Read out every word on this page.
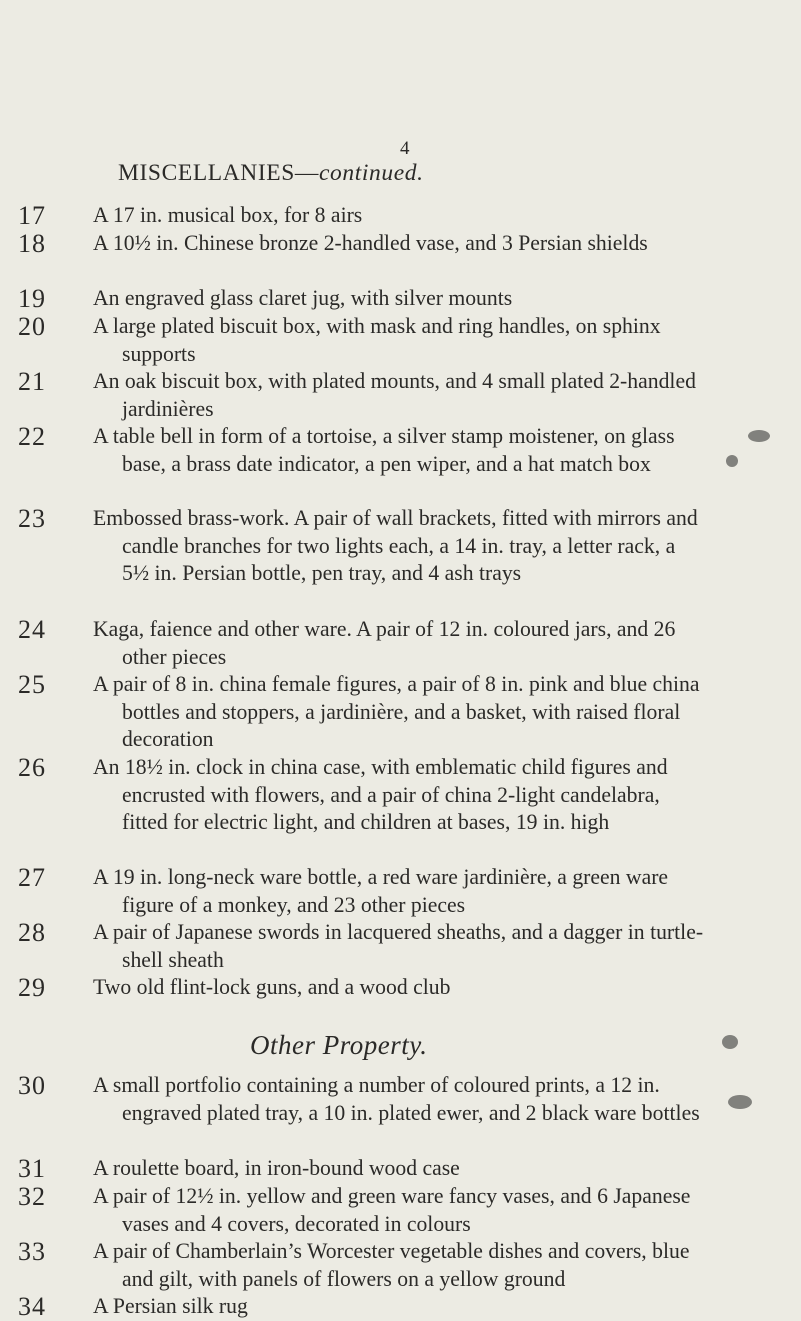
4
MISCELLANIES—continued.
17 A 17 in. musical box, for 8 airs
18 A 10½ in. Chinese bronze 2-handled vase, and 3 Persian shields
19 An engraved glass claret jug, with silver mounts
20 A large plated biscuit box, with mask and ring handles, on sphinx supports
21 An oak biscuit box, with plated mounts, and 4 small plated 2-handled jardinières
22 A table bell in form of a tortoise, a silver stamp moistener, on glass base, a brass date indicator, a pen wiper, and a hat match box
23 Embossed brass-work. A pair of wall brackets, fitted with mirrors and candle branches for two lights each, a 14 in. tray, a letter rack, a 5½ in. Persian bottle, pen tray, and 4 ash trays
24 Kaga, faience and other ware. A pair of 12 in. coloured jars, and 26 other pieces
25 A pair of 8 in. china female figures, a pair of 8 in. pink and blue china bottles and stoppers, a jardinière, and a basket, with raised floral decoration
26 An 18½ in. clock in china case, with emblematic child figures and encrusted with flowers, and a pair of china 2-light candelabra, fitted for electric light, and children at bases, 19 in. high
27 A 19 in. long-neck ware bottle, a red ware jardinière, a green ware figure of a monkey, and 23 other pieces
28 A pair of Japanese swords in lacquered sheaths, and a dagger in turtle-shell sheath
29 Two old flint-lock guns, and a wood club
Other Property.
30 A small portfolio containing a number of coloured prints, a 12 in. engraved plated tray, a 10 in. plated ewer, and 2 black ware bottles
31 A roulette board, in iron-bound wood case
32 A pair of 12½ in. yellow and green ware fancy vases, and 6 Japanese vases and 4 covers, decorated in colours
33 A pair of Chamberlain’s Worcester vegetable dishes and covers, blue and gilt, with panels of flowers on a yellow ground
34 A Persian silk rug
